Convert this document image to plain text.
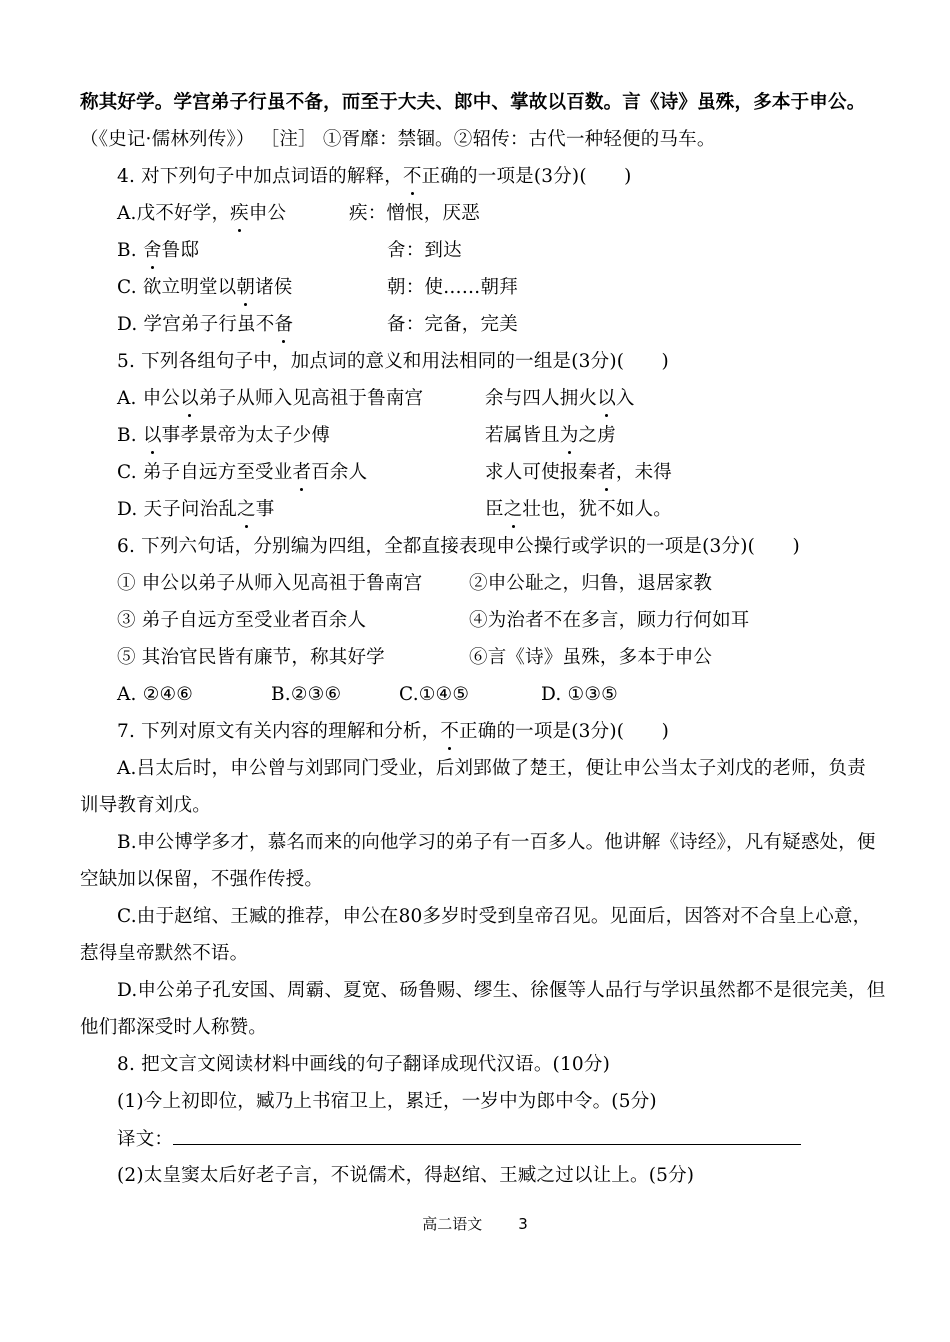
称其好学。学宫弟子行虽不备，而至于大夫、郎中、掌故以百数。言《诗》虽殊，多本于申公。
（《史记·儒林列传》） ［注］ ①胥靡：禁锢。②轺传：古代一种轻便的马车。
4. 对下列句子中加点词语的解释，不正确的一项是(3分)(　　)
A.戊不好学，疾申公	疾：憎恨，厌恶
B. 舍鲁邸	舍：到达
C. 欲立明堂以朝诸侯	朝：使……朝拜
D. 学宫弟子行虽不备	备：完备，完美
5. 下列各组句子中，加点词的意义和用法相同的一组是(3分)(　　)
A. 申公以弟子从师入见高祖于鲁南宫	余与四人拥火以入
B. 以事孝景帝为太子少傅	若属皆且为之虏
C. 弟子自远方至受业者百余人	求人可使报秦者，未得
D. 天子问治乱之事	臣之壮也，犹不如人。
6. 下列六句话，分别编为四组，全都直接表现申公操行或学识的一项是(3分)(　　)
① 申公以弟子从师入见高祖于鲁南宫	②申公耻之，归鲁，退居家教
③ 弟子自远方至受业者百余人	④为治者不在多言，顾力行何如耳
⑤ 其治官民皆有廉节，称其好学	⑥言《诗》虽殊，多本于申公
A. ②④⑥	B.②③⑥	C.①④⑤	D. ①③⑤
7. 下列对原文有关内容的理解和分析，不正确的一项是(3分)(　　)
A.吕太后时，申公曾与刘郢同门受业，后刘郢做了楚王，便让申公当太子刘戊的老师，负责
训导教育刘戊。
B.申公博学多才，慕名而来的向他学习的弟子有一百多人。他讲解《诗经》，凡有疑惑处，便
空缺加以保留，不强作传授。
C.由于赵绾、王臧的推荐，申公在80多岁时受到皇帝召见。见面后，因答对不合皇上心意，
惹得皇帝默然不语。
D.申公弟子孔安国、周霸、夏宽、砀鲁赐、缪生、徐偃等人品行与学识虽然都不是很完美，但
他们都深受时人称赞。
8. 把文言文阅读材料中画线的句子翻译成现代汉语。(10分)
(1)今上初即位，臧乃上书宿卫上，累迁，一岁中为郎中令。(5分)
译文：
(2)太皇窦太后好老子言，不说儒术，得赵绾、王臧之过以让上。(5分)
高二语文 3
